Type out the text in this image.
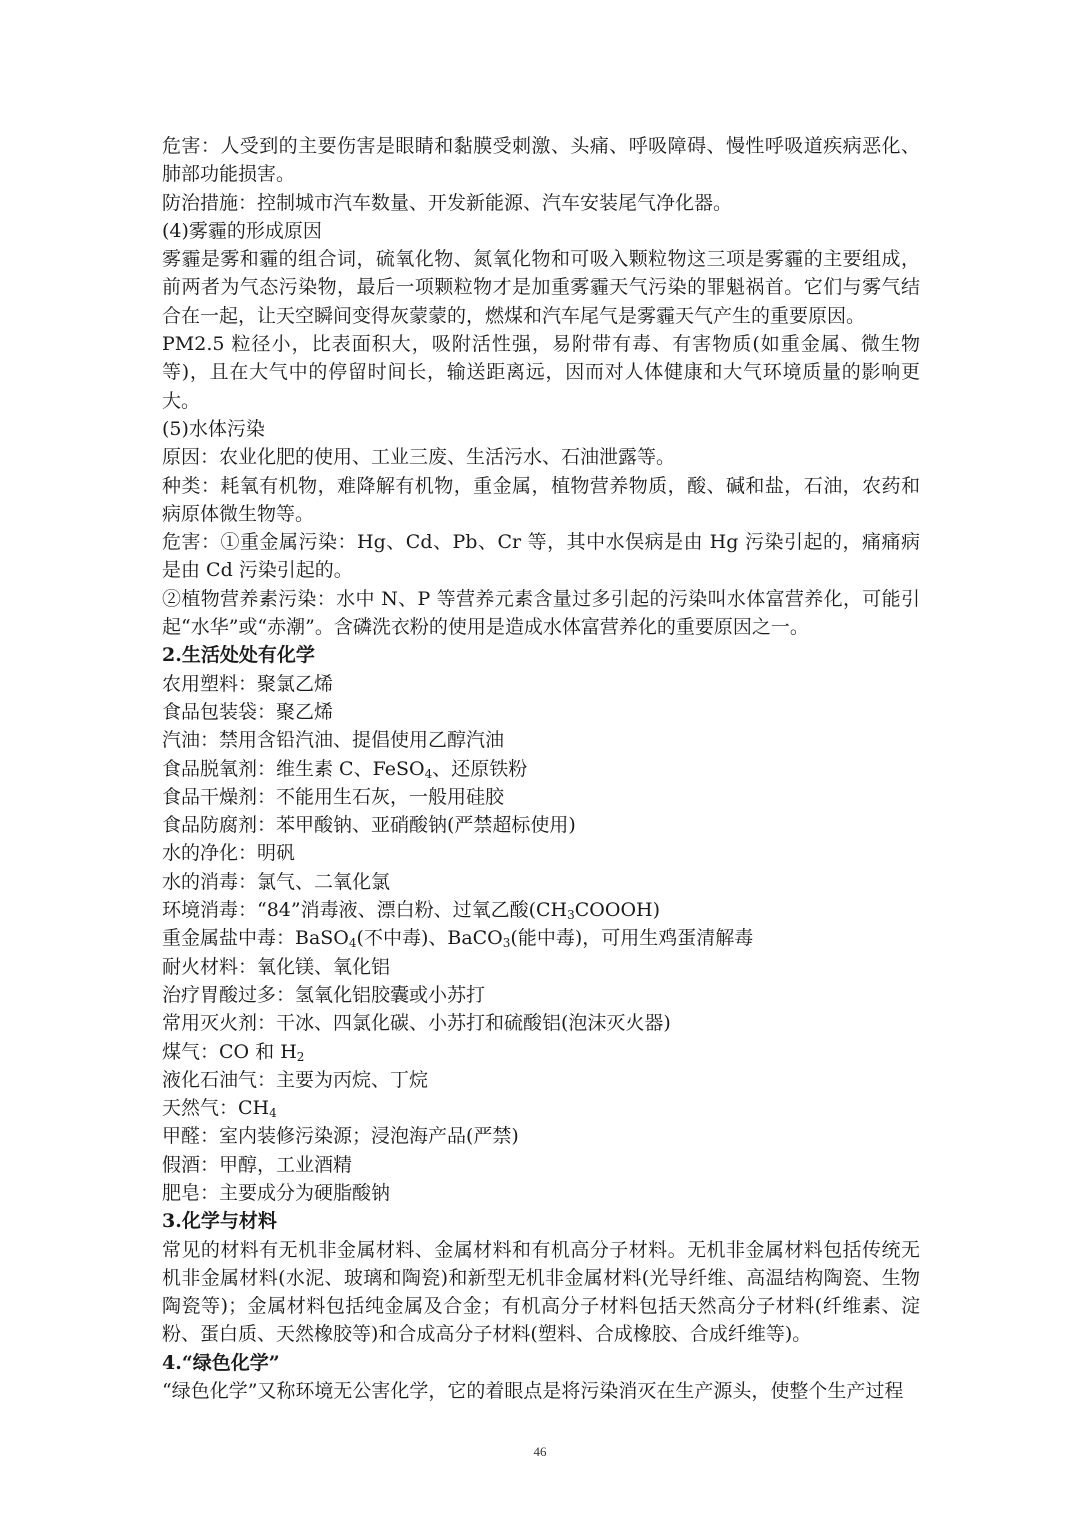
危害：人受到的主要伤害是眼睛和黏膜受刺激、头痛、呼吸障碍、慢性呼吸道疾病恶化、肺部功能损害。

防治措施：控制城市汽车数量、开发新能源、汽车安装尾气净化器。

(4)雾霾的形成原因

雾霾是雾和霾的组合词，硫氧化物、氮氧化物和可吸入颗粒物这三项是雾霾的主要组成，前两者为气态污染物，最后一项颗粒物才是加重雾霾天气污染的罪魁祸首。它们与雾气结合在一起，让天空瞬间变得灰蒙蒙的，燃煤和汽车尾气是雾霾天气产生的重要原因。

PM2.5 粒径小，比表面积大，吸附活性强，易附带有毒、有害物质(如重金属、微生物等)，且在大气中的停留时间长，输送距离远，因而对人体健康和大气环境质量的影响更大。

(5)水体污染

原因：农业化肥的使用、工业三废、生活污水、石油泄露等。

种类：耗氧有机物，难降解有机物，重金属，植物营养物质，酸、碱和盐，石油，农药和病原体微生物等。

危害：①重金属污染：Hg、Cd、Pb、Cr 等，其中水俣病是由 Hg 污染引起的，痛痛病是由 Cd 污染引起的。

②植物营养素污染：水中 N、P 等营养元素含量过多引起的污染叫水体富营养化，可能引起“水华”或“赤潮”。含磷洗衣粉的使用是造成水体富营养化的重要原因之一。

2.生活处处有化学

农用塑料：聚氯乙烯

食品包装袋：聚乙烯

汽油：禁用含铅汽油、提倡使用乙醇汽油

食品脱氧剂：维生素 C、FeSO$_4$、还原铁粉

食品干燥剂：不能用生石灰，一般用硅胶

食品防腐剂：苯甲酸钠、亚硝酸钠(严禁超标使用)

水的净化：明矾

水的消毒：氯气、二氧化氯

环境消毒：“84”消毒液、漂白粉、过氧乙酸$(CH_3COOOH)$

重金属盐中毒：BaSO$_4$(不中毒)、BaCO$_3$(能中毒)，可用生鸡蛋清解毒

耐火材料：氧化镁、氧化铝

治疗胃酸过多：氢氧化铝胶囊或小苏打

常用灭火剂：干冰、四氯化碳、小苏打和硫酸铝(泡沫灭火器)

煤气：CO 和 $H_2$

液化石油气：主要为丙烷、丁烷

天然气：$CH_4$

甲醛：室内装修污染源；浸泡海产品(严禁)

假酒：甲醇，工业酒精

肥皂：主要成分为硬脂酸钠

3.化学与材料

常见的材料有无机非金属材料、金属材料和有机高分子材料。无机非金属材料包括传统无机非金属材料(水泥、玻璃和陶瓷)和新型无机非金属材料(光导纤维、高温结构陶瓷、生物陶瓷等)；金属材料包括纯金属及合金；有机高分子材料包括天然高分子材料(纤维素、淀粉、蛋白质、天然橡胶等)和合成高分子材料(塑料、合成橡胶、合成纤维等)。

4.“绿色化学”

“绿色化学”又称环境无公害化学，它的着眼点是将污染消灭在生产源头，使整个生产过程

46
